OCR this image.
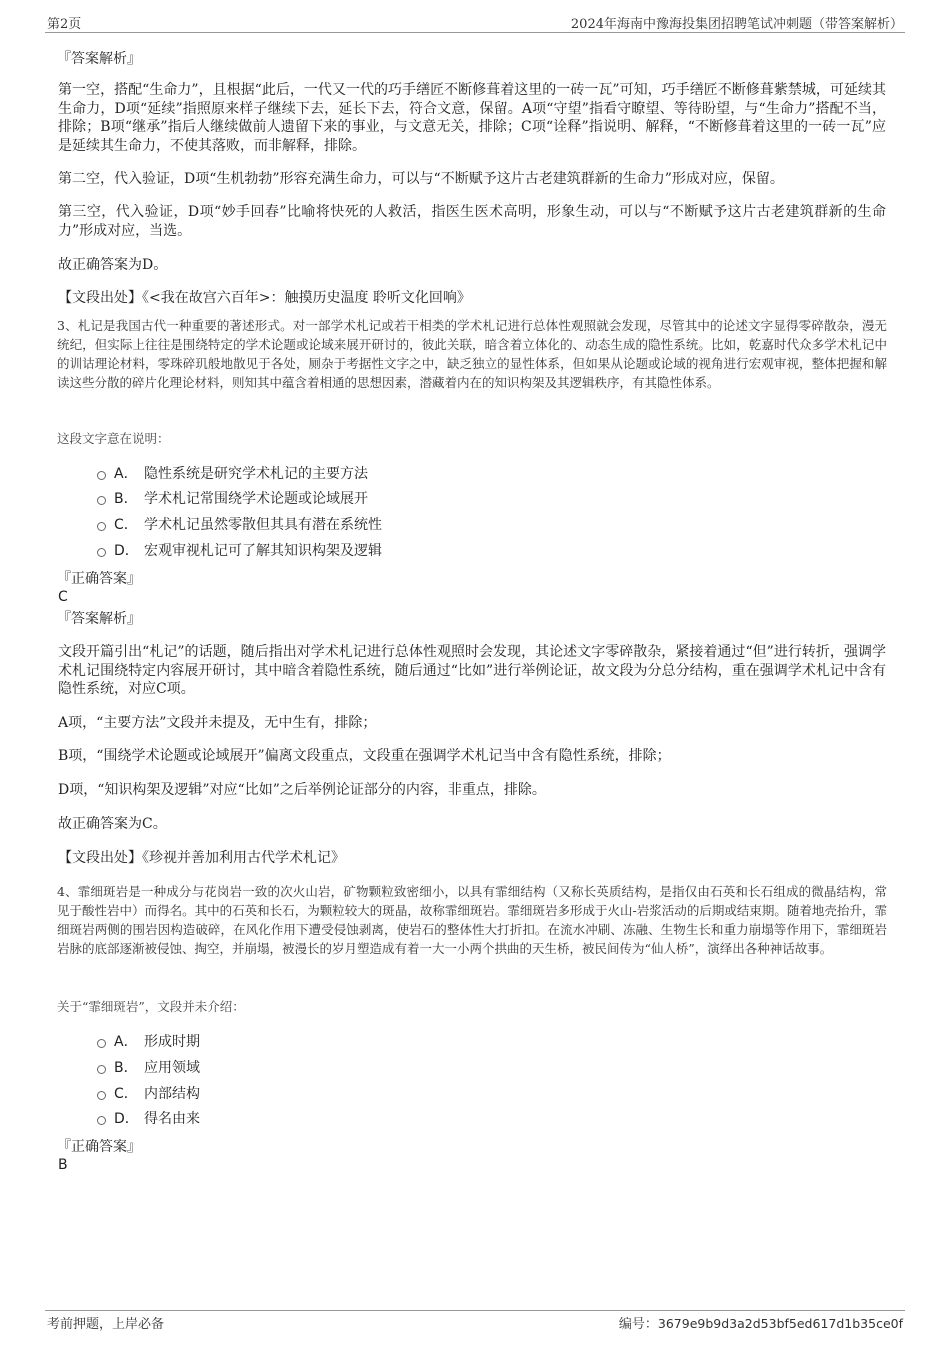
第2页	2024年海南中豫海投集团招聘笔试冲刺题（带答案解析）
『答案解析』
第一空，搭配“生命力”，且根据“此后，一代又一代的巧手缮匠不断修葺着这里的一砖一瓦”可知，巧手缮匠不断修葺紫禁城，可延续其生命力，D项“延续”指照原来样子继续下去，延长下去，符合文意，保留。A项“守望”指看守瞭望、等待盼望，与“生命力”搭配不当，排除；B项“继承”指后人继续做前人遗留下来的事业，与文意无关，排除；C项“诠释”指说明、解释，“不断修葺着这里的一砖一瓦”应是延续其生命力，不使其落败，而非解释，排除。
第二空，代入验证，D项“生机勃勃”形容充满生命力，可以与“不断赋予这片古老建筑群新的生命力”形成对应，保留。
第三空，代入验证，D项“妙手回春”比喻将快死的人救活，指医生医术高明，形象生动，可以与“不断赋予这片古老建筑群新的生命力”形成对应，当选。
故正确答案为D。
【文段出处】《<我在故宫六百年>：触摸历史温度 聆听文化回响》
3、札记是我国古代一种重要的著述形式。对一部学术札记或若干相类的学术札记进行总体性观照就会发现，尽管其中的论述文字显得零碎散杂，漫无统纪，但实际上往往是围绕特定的学术论题或论域来展开研讨的，彼此关联，暗含着立体化的、动态生成的隐性系统。比如，乾嘉时代众多学术札记中的训诂理论材料，零珠碎玑般地散见于各处，厕杂于考据性文字之中，缺乏独立的显性体系，但如果从论题或论域的视角进行宏观审视，整体把握和解读这些分散的碎片化理论材料，则知其中蕴含着相通的思想因素，潜藏着内在的知识构架及其逻辑秩序，有其隐性体系。
这段文字意在说明：
A． 隐性系统是研究学术札记的主要方法
B． 学术札记常围绕学术论题或论域展开
C． 学术札记虽然零散但其具有潜在系统性
D． 宏观审视札记可了解其知识构架及逻辑
『正确答案』
C
『答案解析』
文段开篇引出“札记”的话题，随后指出对学术札记进行总体性观照时会发现，其论述文字零碎散杂，紧接着通过“但”进行转折，强调学术札记围绕特定内容展开研讨，其中暗含着隐性系统，随后通过“比如”进行举例论证，故文段为分总分结构，重在强调学术札记中含有隐性系统，对应C项。
A项，“主要方法”文段并未提及，无中生有，排除；
B项，“围绕学术论题或论域展开”偏离文段重点，文段重在强调学术札记当中含有隐性系统，排除；
D项，“知识构架及逻辑”对应“比如”之后举例论证部分的内容，非重点，排除。
故正确答案为C。
【文段出处】《珍视并善加利用古代学术札记》
4、霏细斑岩是一种成分与花岗岩一致的次火山岩，矿物颗粒致密细小，以具有霏细结构（又称长英质结构，是指仅由石英和长石组成的微晶结构，常见于酸性岩中）而得名。其中的石英和长石，为颗粒较大的斑晶，故称霏细斑岩。霏细斑岩多形成于火山-岩浆活动的后期或结束期。随着地壳抬升，霏细斑岩两侧的围岩因构造破碎，在风化作用下遭受侵蚀剥离，使岩石的整体性大打折扣。在流水冲刷、冻融、生物生长和重力崩塌等作用下，霏细斑岩岩脉的底部逐渐被侵蚀、掏空，并崩塌，被漫长的岁月塑造成有着一大一小两个拱曲的天生桥，被民间传为“仙人桥”，演绎出各种神话故事。
关于“霏细斑岩”，文段并未介绍：
A． 形成时期
B． 应用领域
C． 内部结构
D． 得名由来
『正确答案』
B
考前押题，上岸必备	编号：3679e9b9d3a2d53bf5ed617d1b35ce0f
